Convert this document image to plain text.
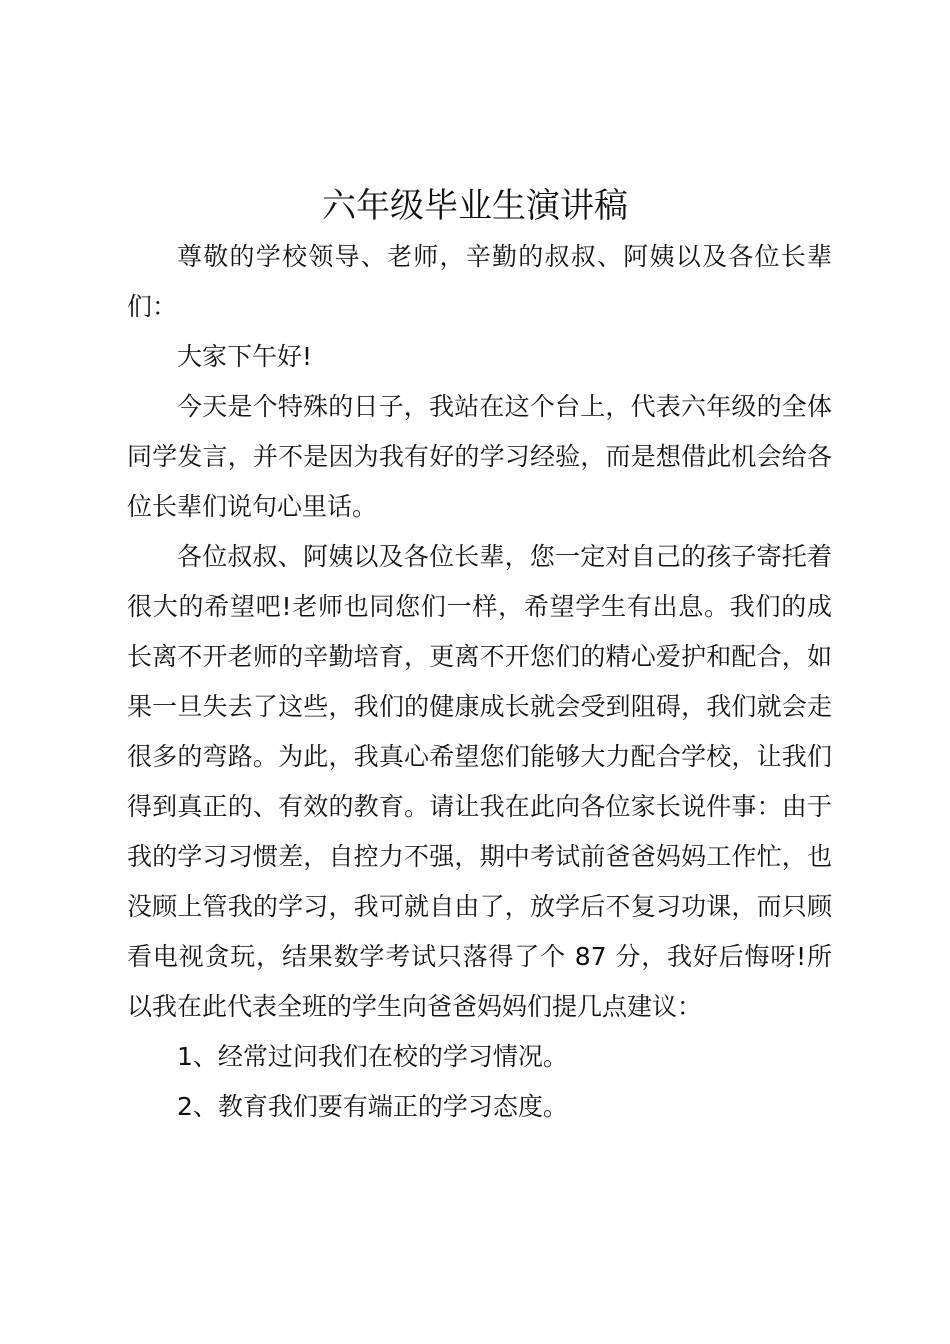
六年级毕业生演讲稿

尊敬的学校领导、老师，辛勤的叔叔、阿姨以及各位长辈们：

大家下午好!

今天是个特殊的日子，我站在这个台上，代表六年级的全体同学发言，并不是因为我有好的学习经验，而是想借此机会给各位长辈们说句心里话。

各位叔叔、阿姨以及各位长辈，您一定对自己的孩子寄托着很大的希望吧!老师也同您们一样，希望学生有出息。我们的成长离不开老师的辛勤培育，更离不开您们的精心爱护和配合，如果一旦失去了这些，我们的健康成长就会受到阻碍，我们就会走很多的弯路。为此，我真心希望您们能够大力配合学校，让我们得到真正的、有效的教育。请让我在此向各位家长说件事：由于我的学习习惯差，自控力不强，期中考试前爸爸妈妈工作忙，也没顾上管我的学习，我可就自由了，放学后不复习功课，而只顾看电视贪玩，结果数学考试只落得了个 87 分，我好后悔呀!所以我在此代表全班的学生向爸爸妈妈们提几点建议：

1、经常过问我们在校的学习情况。

2、教育我们要有端正的学习态度。
